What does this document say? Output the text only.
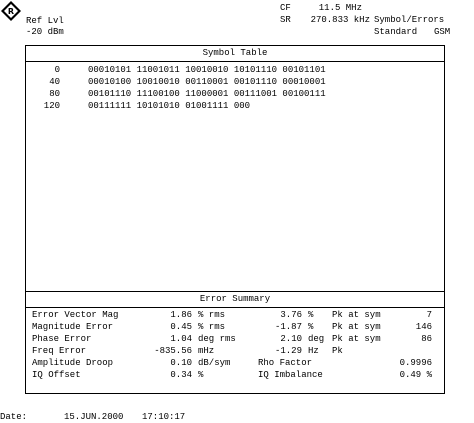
R
Ref Lvl
-20 dBm
CF	11.5 MHz
SR	270.833 kHz Symbol/Errors
Standard GSM
Symbol Table
0	00010101 11001011 10010010 10101110 00101101
40	00010100 10010010 00110001 00101110 00010001
80	00101110 11100100 11000001 00111001 00100111
120	00111111 10101010 01001111 000
Error Summary
Error Vector Mag	1.86 % rms	3.76 % Pk at sym	7
Magnitude Error	0.45 % rms	-1.87 % Pk at sym	146
Phase Error	1.04 deg rms	2.10 deg Pk at sym	86
Freq Error	-835.56 mHz	-1.29 Hz Pk
Amplitude Droop	0.10 dB/sym	Rho Factor	0.9996
IQ Offset	0.34 %	IQ Imbalance	0.49 %
Date:	15.JUN.2000 17:10:17
